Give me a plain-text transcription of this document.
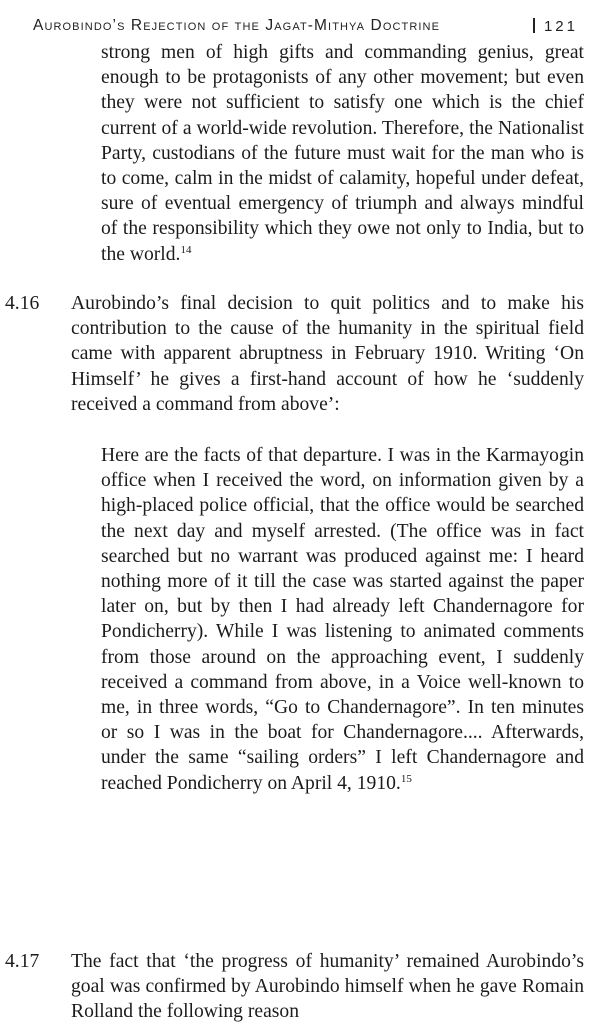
Aurobindo’s Rejection of the Jagat-Mithya Doctrine	121
strong men of high gifts and commanding genius, great enough to be protagonists of any other movement; but even they were not sufficient to satisfy one which is the chief current of a world-wide revolution. Therefore, the Nationalist Party, custodians of the future must wait for the man who is to come, calm in the midst of calamity, hopeful under defeat, sure of eventual emergency of triumph and always mindful of the responsibility which they owe not only to India, but to the world.$^{14}$
4.16	Aurobindo’s final decision to quit politics and to make his contribution to the cause of the humanity in the spiritual field came with apparent abruptness in February 1910. Writing ‘On Himself’ he gives a first-hand account of how he ‘suddenly received a command from above’:
Here are the facts of that departure. I was in the Karmayogin office when I received the word, on information given by a high-placed police official, that the office would be searched the next day and myself arrested. (The office was in fact searched but no warrant was produced against me: I heard nothing more of it till the case was started against the paper later on, but by then I had already left Chandernagore for Pondicherry). While I was listening to animated comments from those around on the approaching event, I suddenly received a command from above, in a Voice well-known to me, in three words, “Go to Chandernagore”. In ten minutes or so I was in the boat for Chandernagore.... Afterwards, under the same “sailing orders” I left Chandernagore and reached Pondicherry on April 4, 1910.15
4.17	The fact that ‘the progress of humanity’ remained Aurobindo’s goal was confirmed by Aurobindo himself when he gave Romain Rolland the following reason
